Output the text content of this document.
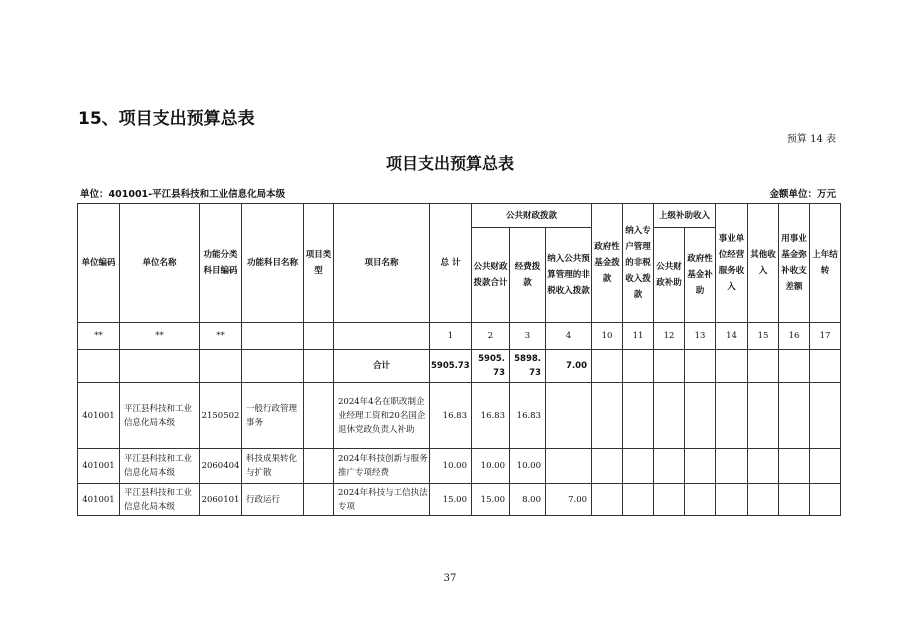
15、项目支出预算总表
预算 14 表
项目支出预算总表
单位：401001-平江县科技和工业信息化局本级	金额单位：万元
单位编码	单位名称	功能分类科目编码	功能科目名称	项目类型	项目名称	总 计	公共财政拨款			政府性基金拨款	纳入专户管理的非税收入拨款	上级补助收入		事业单位经营服务收入	其他收入	用事业基金弥补收支差额	上年结转
							公共财政拨款合计	经费拨款	纳入公共预算管理的非税收入拨款			公共财政补助	政府性基金补助				
**	**	**				1	2	3	4	10	11	12	13	14	15	16	17
					合计	5905.73	5905.73	5898.73	7.00								
401001	平江县科技和工业信息化局本级	2150502	一般行政管理事务		2024年4名在职改制企业经理工资和20名国企退休党政负责人补助	16.83	16.83	16.83									
401001	平江县科技和工业信息化局本级	2060404	科技成果转化与扩散		2024年科技创新与服务推广专项经费	10.00	10.00	10.00									
401001	平江县科技和工业信息化局本级	2060101	行政运行		2024年科技与工信执法专项	15.00	15.00	8.00	7.00								
37
